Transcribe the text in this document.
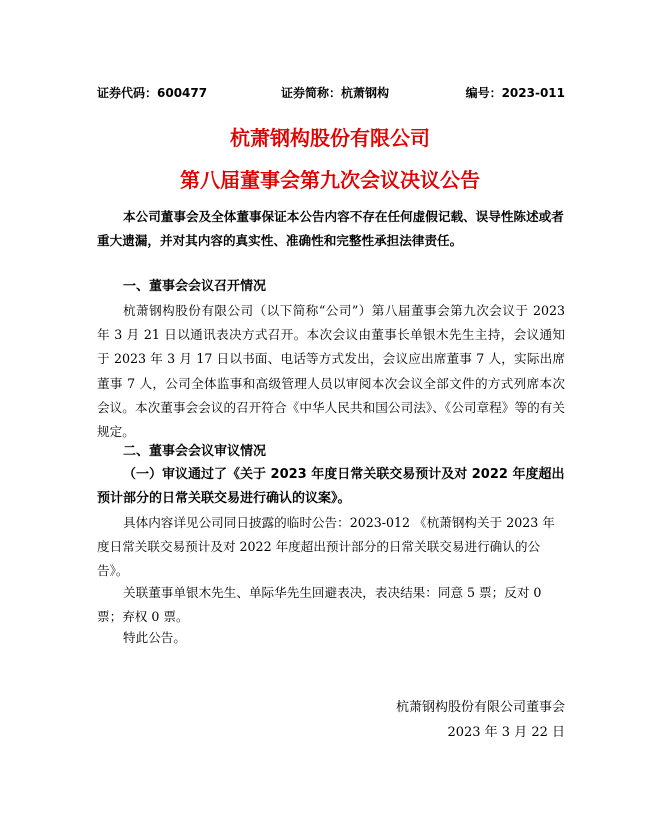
证券代码：600477	证券简称：杭萧钢构	编号：2023-011
杭萧钢构股份有限公司
第八届董事会第九次会议决议公告
本公司董事会及全体董事保证本公告内容不存在任何虚假记载、误导性陈述或者重大遗漏，并对其内容的真实性、准确性和完整性承担法律责任。
一、董事会会议召开情况
杭萧钢构股份有限公司（以下简称“公司”）第八届董事会第九次会议于 2023 年 3 月 21 日以通讯表决方式召开。本次会议由董事长单银木先生主持，会议通知于 2023 年 3 月 17 日以书面、电话等方式发出，会议应出席董事 7 人，实际出席董事 7 人，公司全体监事和高级管理人员以审阅本次会议全部文件的方式列席本次会议。本次董事会会议的召开符合《中华人民共和国公司法》、《公司章程》等的有关规定。
二、董事会会议审议情况
（一）审议通过了《关于 2023 年度日常关联交易预计及对 2022 年度超出预计部分的日常关联交易进行确认的议案》。
具体内容详见公司同日披露的临时公告：2023-012 《杭萧钢构关于 2023 年度日常关联交易预计及对 2022 年度超出预计部分的日常关联交易进行确认的公告》。
关联董事单银木先生、单际华先生回避表决，表决结果：同意 5 票；反对 0 票；弃权 0 票。
特此公告。
杭萧钢构股份有限公司董事会
2023 年 3 月 22 日
